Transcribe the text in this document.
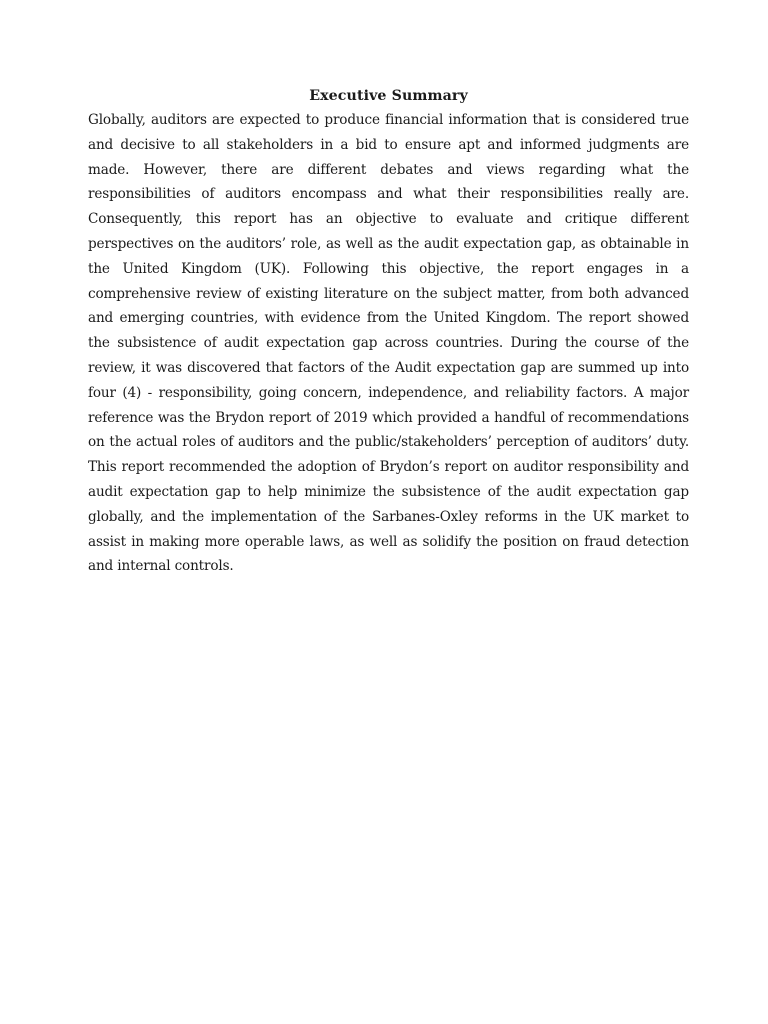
Executive Summary

Globally, auditors are expected to produce financial information that is considered true and decisive to all stakeholders in a bid to ensure apt and informed judgments are made. However, there are different debates and views regarding what the responsibilities of auditors encompass and what their responsibilities really are. Consequently, this report has an objective to evaluate and critique different perspectives on the auditors’ role, as well as the audit expectation gap, as obtainable in the United Kingdom (UK). Following this objective, the report engages in a comprehensive review of existing literature on the subject matter, from both advanced and emerging countries, with evidence from the United Kingdom. The report showed the subsistence of audit expectation gap across countries. During the course of the review, it was discovered that factors of the Audit expectation gap are summed up into four (4) - responsibility, going concern, independence, and reliability factors. A major reference was the Brydon report of 2019 which provided a handful of recommendations on the actual roles of auditors and the public/stakeholders’ perception of auditors’ duty. This report recommended the adoption of Brydon’s report on auditor responsibility and audit expectation gap to help minimize the subsistence of the audit expectation gap globally, and the implementation of the Sarbanes-Oxley reforms in the UK market to assist in making more operable laws, as well as solidify the position on fraud detection and internal controls.
